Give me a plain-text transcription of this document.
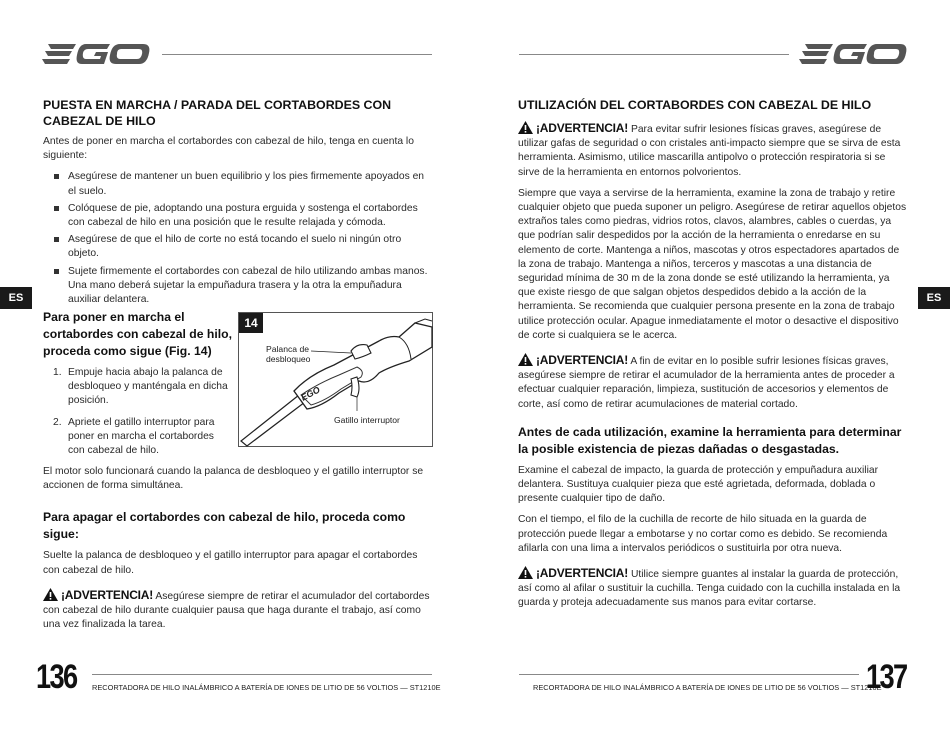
EGO
PUESTA EN MARCHA / PARADA DEL CORTABORDES CON CABEZAL DE HILO

Antes de poner en marcha el cortabordes con cabezal de hilo, tenga en cuenta lo siguiente:

Asegúrese de mantener un buen equilibrio y los pies firmemente apoyados en el suelo.
Colóquese de pie, adoptando una postura erguida y sostenga el cortabordes con cabezal de hilo en una posición que le resulte relajada y cómoda.
Asegúrese de que el hilo de corte no está tocando el suelo ni ningún otro objeto.
Sujete firmemente el cortabordes con cabezal de hilo utilizando ambas manos. Una mano deberá sujetar la empuñadura trasera y la otra la empuñadura auxiliar delantera.
ES
Para poner en marcha el cortabordes con cabezal de hilo, proceda como sigue (Fig. 14)
1. Empuje hacia abajo la palanca de desbloqueo y manténgala en dicha posición.
2. Apriete el gatillo interruptor para poner en marcha el cortabordes con cabezal de hilo.
14
EGO
Palanca de
desbloqueo
Gatillo interruptor

El motor solo funcionará cuando la palanca de desbloqueo y el gatillo interruptor se accionen de forma simultánea.

Para apagar el cortabordes con cabezal de hilo, proceda como sigue:

Suelte la palanca de desbloqueo y el gatillo interruptor para apagar el cortabordes con cabezal de hilo.

¡ADVERTENCIA! Asegúrese siempre de retirar el acumulador del cortabordes con cabezal de hilo durante cualquier pausa que haga durante el trabajo, así como una vez finalizada la tarea.

136 RECORTADORA DE HILO INALÁMBRICO A BATERÍA DE IONES DE LITIO DE 56 VOLTIOS — ST1210E
UTILIZACIÓN DEL CORTABORDES CON CABEZAL DE HILO

¡ADVERTENCIA! Para evitar sufrir lesiones físicas graves, asegúrese de utilizar gafas de seguridad o con cristales anti-impacto siempre que se sirva de esta herramienta. Asimismo, utilice mascarilla antipolvo o protección respiratoria si se sirve de la herramienta en entornos polvorientos.

Siempre que vaya a servirse de la herramienta, examine la zona de trabajo y retire cualquier objeto que pueda suponer un peligro. Asegúrese de retirar aquellos objetos extraños tales como piedras, vidrios rotos, clavos, alambres, cables o cuerdas, ya que podrían salir despedidos por la acción de la herramienta o enredarse en su elemento de corte. Mantenga a niños, mascotas y otros espectadores apartados de la zona de trabajo. Mantenga a niños, terceros y mascotas a una distancia de seguridad mínima de 30 m de la zona donde se esté utilizando la herramienta, ya que existe riesgo de que salgan objetos despedidos debido a la acción de la herramienta. Se recomienda que cualquier persona presente en la zona de trabajo utilice protección ocular. Apague inmediatamente el motor o desactive el dispositivo de corte si cualquiera se le acerca.

¡ADVERTENCIA! A fin de evitar en lo posible sufrir lesiones físicas graves, asegúrese siempre de retirar el acumulador de la herramienta antes de proceder a efectuar cualquier reparación, limpieza, sustitución de accesorios y elementos de corte, así como de retirar acumulaciones de material cortado.

Antes de cada utilización, examine la herramienta para determinar la posible existencia de piezas dañadas o desgastadas.

Examine el cabezal de impacto, la guarda de protección y empuñadura auxiliar delantera. Sustituya cualquier pieza que esté agrietada, deformada, doblada o presente cualquier tipo de daño.

Con el tiempo, el filo de la cuchilla de recorte de hilo situada en la guarda de protección puede llegar a embotarse y no cortar como es debido. Se recomienda afilarla con una lima a intervalos periódicos o sustituirla por otra nueva.

¡ADVERTENCIA! Utilice siempre guantes al instalar la guarda de protección, así como al afilar o sustituir la cuchilla. Tenga cuidado con la cuchilla instalada en la guarda y proteja adecuadamente sus manos para evitar cortarse.

ES
RECORTADORA DE HILO INALÁMBRICO A BATERÍA DE IONES DE LITIO DE 56 VOLTIOS — ST1210E
137
